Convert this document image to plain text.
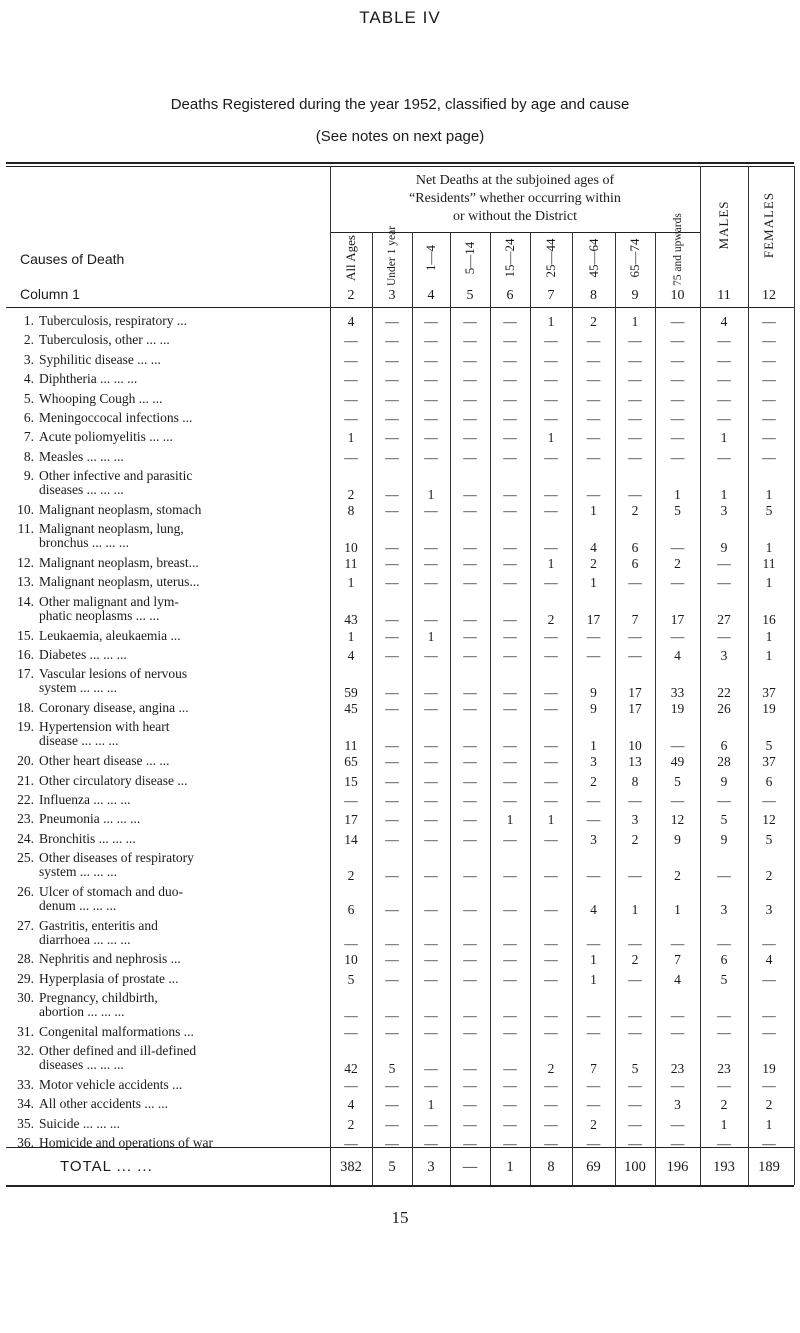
TABLE IV
Deaths Registered during the year 1952, classified by age and cause
(See notes on next page)
Net Deaths at the subjoined ages of
“Residents” whether occurring within
or without the District
Causes of Death
Column 1
All Ages
2
Under 1 year
3
1—4
4
5—14
5
15—24
6
25—44
7
45—64
8
65—74
9
75 and upwards
10
MALES
11
FEMALES
12
1. Tuberculosis, respiratory ...	4	—	—	—	—	1	2	1	—	4	—
2. Tuberculosis, other ... ...	—	—	—	—	—	—	—	—	—	—	—
3. Syphilitic disease ... ...	—	—	—	—	—	—	—	—	—	—	—
4. Diphtheria ... ... ...	—	—	—	—	—	—	—	—	—	—	—
5. Whooping Cough ... ...	—	—	—	—	—	—	—	—	—	—	—
6. Meningoccocal infections ...	—	—	—	—	—	—	—	—	—	—	—
7. Acute poliomyelitis ... ...	1	—	—	—	—	1	—	—	—	1	—
8. Measles ... ... ...	—	—	—	—	—	—	—	—	—	—	—
9. Other infective and parasitic
diseases ... ... ...	2	—	1	—	—	—	—	—	1	1	1
10. Malignant neoplasm, stomach	8	—	—	—	—	—	1	2	5	3	5
11. Malignant neoplasm, lung,
bronchus ... ... ...	10	—	—	—	—	—	4	6	—	9	1
12. Malignant neoplasm, breast...	11	—	—	—	—	1	2	6	2	—	11
13. Malignant neoplasm, uterus...	1	—	—	—	—	—	1	—	—	—	1
14. Other malignant and lym-
phatic neoplasms ... ...	43	—	—	—	—	2	17	7	17	27	16
15. Leukaemia, aleukaemia ...	1	—	1	—	—	—	—	—	—	—	1
16. Diabetes ... ... ...	4	—	—	—	—	—	—	—	4	3	1
17. Vascular lesions of nervous
system ... ... ...	59	—	—	—	—	—	9	17	33	22	37
18. Coronary disease, angina ...	45	—	—	—	—	—	9	17	19	26	19
19. Hypertension with heart
disease ... ... ...	11	—	—	—	—	—	1	10	—	6	5
20. Other heart disease ... ...	65	—	—	—	—	—	3	13	49	28	37
21. Other circulatory disease ...	15	—	—	—	—	—	2	8	5	9	6
22. Influenza ... ... ...	—	—	—	—	—	—	—	—	—	—	—
23. Pneumonia ... ... ...	17	—	—	—	1	1	—	3	12	5	12
24. Bronchitis ... ... ...	14	—	—	—	—	—	3	2	9	9	5
25. Other diseases of respiratory
system ... ... ...	2	—	—	—	—	—	—	—	2	—	2
26. Ulcer of stomach and duo-
denum ... ... ...	6	—	—	—	—	—	4	1	1	3	3
27. Gastritis, enteritis and
diarrhoea ... ... ...	—	—	—	—	—	—	—	—	—	—	—
28. Nephritis and nephrosis ...	10	—	—	—	—	—	1	2	7	6	4
29. Hyperplasia of prostate ...	5	—	—	—	—	—	1	—	4	5	—
30. Pregnancy, childbirth,
abortion ... ... ...	—	—	—	—	—	—	—	—	—	—	—
31. Congenital malformations ...	—	—	—	—	—	—	—	—	—	—	—
32. Other defined and ill-defined
diseases ... ... ...	42	5	—	—	—	2	7	5	23	23	19
33. Motor vehicle accidents ...	—	—	—	—	—	—	—	—	—	—	—
34. All other accidents ... ...	4	—	1	—	—	—	—	—	3	2	2
35. Suicide ... ... ...	2	—	—	—	—	—	2	—	—	1	1
36. Homicide and operations of war	—	—	—	—	—	—	—	—	—	—	—
TOTAL ... ...	382	5	3	—	1	8	69	100	196	193	189
15
